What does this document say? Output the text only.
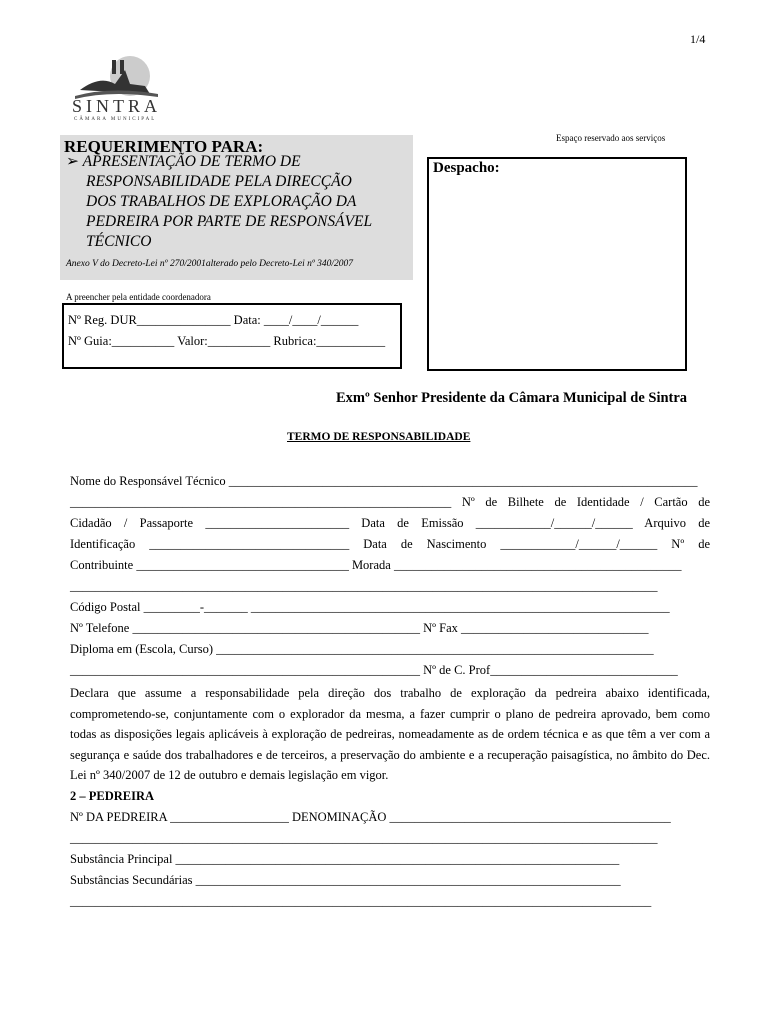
1/4
SINTRA
CÂMARA MUNICIPAL
Espaço reservado aos serviços
REQUERIMENTO PARA:
➢ APRESENTAÇÃO DE TERMO DE
RESPONSABILIDADE PELA DIRECÇÃO
DOS TRABALHOS DE EXPLORAÇÃO DA
PEDREIRA POR PARTE DE RESPONSÁVEL
TÉCNICO
Anexo V do Decreto-Lei nº 270/2001alterado pelo Decreto-Lei nº 340/2007
A preencher pela entidade coordenadora
Nº Reg. DUR_______________ Data: ____/____/______
Nº Guia:__________ Valor:__________ Rubrica:___________
Despacho:
Exmº Senhor Presidente da Câmara Municipal de Sintra
TERMO DE RESPONSABILIDADE
Nome do Responsável Técnico ___________________________________________________________________________
_____________________________________________________________ Nº de Bilhete de Identidade / Cartão de
Cidadão / Passaporte _______________________ Data de Emissão ____________/______/______ Arquivo de
Identificação ________________________________ Data de Nascimento ____________/______/______ Nº de
Contribuinte __________________________________ Morada ______________________________________________
______________________________________________________________________________________________
Código Postal _________-_______ ___________________________________________________________________
Nº Telefone ______________________________________________ Nº Fax ______________________________
Diploma em (Escola, Curso) ______________________________________________________________________
________________________________________________________ Nº de C. Prof______________________________
Declara que assume a responsabilidade pela direção dos trabalho de exploração da pedreira abaixo identificada, comprometendo-se, conjuntamente com o explorador da mesma, a fazer cumprir o plano de pedreira aprovado, bem como todas as disposições legais aplicáveis à exploração de pedreiras, nomeadamente as de ordem técnica e as que têm a ver com a segurança e saúde dos trabalhadores e de terceiros, a preservação do ambiente e a recuperação paisagística, no âmbito do Dec. Lei nº 340/2007 de 12 de outubro e demais legislação em vigor.
2 – PEDREIRA
Nº DA PEDREIRA ___________________ DENOMINAÇÃO _____________________________________________
______________________________________________________________________________________________
Substância Principal _______________________________________________________________________
Substâncias Secundárias ____________________________________________________________________
_____________________________________________________________________________________________
